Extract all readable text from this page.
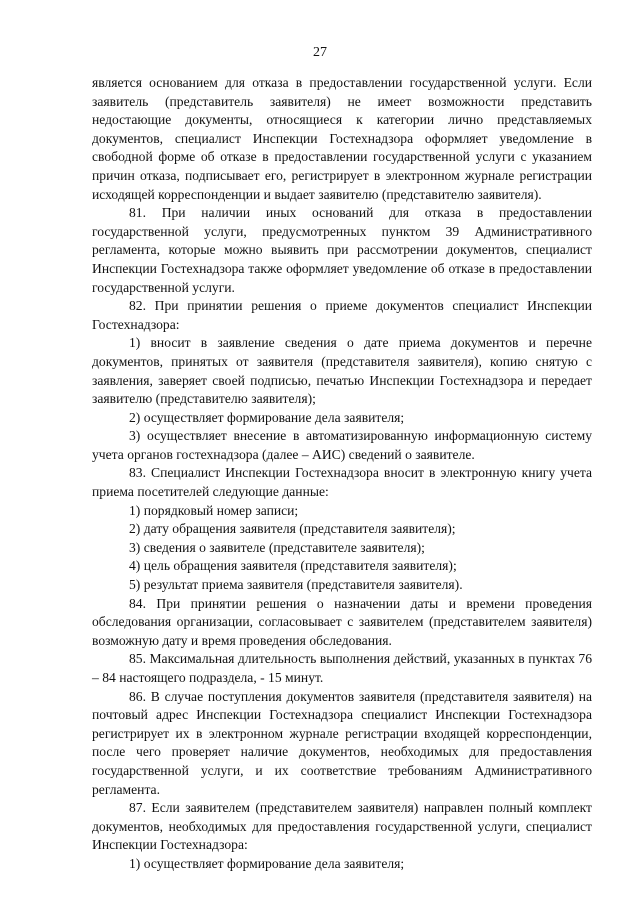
27

является основанием для отказа в предоставлении государственной услуги. Если заявитель (представитель заявителя) не имеет возможности представить недостающие документы, относящиеся к категории лично представляемых документов, специалист Инспекции Гостехнадзора оформляет уведомление в свободной форме об отказе в предоставлении государственной услуги с указанием причин отказа, подписывает его, регистрирует в электронном журнале регистрации исходящей корреспонденции и выдает заявителю (представителю заявителя).

81. При наличии иных оснований для отказа в предоставлении государственной услуги, предусмотренных пунктом 39 Административного регламента, которые можно выявить при рассмотрении документов, специалист Инспекции Гостехнадзора также оформляет уведомление об отказе в предоставлении государственной услуги.

82. При принятии решения о приеме документов специалист Инспекции Гостехнадзора:

1) вносит в заявление сведения о дате приема документов и перечне документов, принятых от заявителя (представителя заявителя), копию снятую с заявления, заверяет своей подписью, печатью Инспекции Гостехнадзора и передает заявителю (представителю заявителя);

2) осуществляет формирование дела заявителя;

3) осуществляет внесение в автоматизированную информационную систему учета органов гостехнадзора (далее – АИС) сведений о заявителе.

83. Специалист Инспекции Гостехнадзора вносит в электронную книгу учета приема посетителей следующие данные:

1) порядковый номер записи;

2) дату обращения заявителя (представителя заявителя);

3) сведения о заявителе (представителе заявителя);

4) цель обращения заявителя (представителя заявителя);

5) результат приема заявителя (представителя заявителя).

84. При принятии решения о назначении даты и времени проведения обследования организации, согласовывает с заявителем (представителем заявителя) возможную дату и время проведения обследования.

85. Максимальная длительность выполнения действий, указанных в пунктах 76 – 84 настоящего подраздела, - 15 минут.

86. В случае поступления документов заявителя (представителя заявителя) на почтовый адрес Инспекции Гостехнадзора специалист Инспекции Гостехнадзора регистрирует их в электронном журнале регистрации входящей корреспонденции, после чего проверяет наличие документов, необходимых для предоставления государственной услуги, и их соответствие требованиям Административного регламента.

87. Если заявителем (представителем заявителя) направлен полный комплект документов, необходимых для предоставления государственной услуги, специалист Инспекции Гостехнадзора:

1) осуществляет формирование дела заявителя;
